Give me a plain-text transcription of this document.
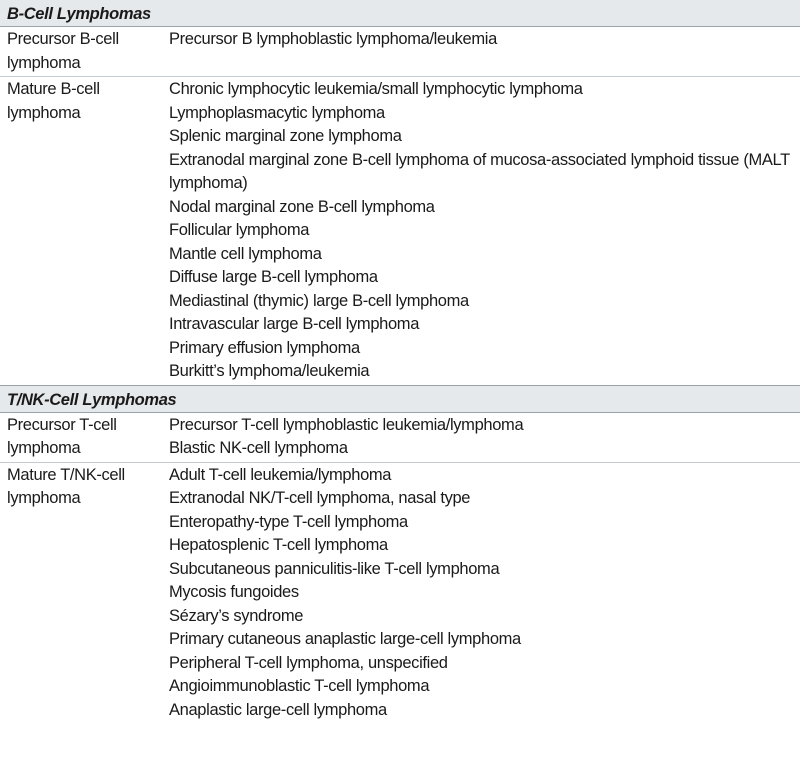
B-Cell Lymphomas
Precursor B-cell lymphoma
Precursor B lymphoblastic lymphoma/leukemia
Mature B-cell lymphoma
Chronic lymphocytic leukemia/small lymphocytic lymphoma
Lymphoplasmacytic lymphoma
Splenic marginal zone lymphoma
Extranodal marginal zone B-cell lymphoma of mucosa-associated lymphoid tissue (MALT lymphoma)
Nodal marginal zone B-cell lymphoma
Follicular lymphoma
Mantle cell lymphoma
Diffuse large B-cell lymphoma
Mediastinal (thymic) large B-cell lymphoma
Intravascular large B-cell lymphoma
Primary effusion lymphoma
Burkitt’s lymphoma/leukemia
T/NK-Cell Lymphomas
Precursor T-cell lymphoma
Precursor T-cell lymphoblastic leukemia/lymphoma
Blastic NK-cell lymphoma
Mature T/NK-cell lymphoma
Adult T-cell leukemia/lymphoma
Extranodal NK/T-cell lymphoma, nasal type
Enteropathy-type T-cell lymphoma
Hepatosplenic T-cell lymphoma
Subcutaneous panniculitis-like T-cell lymphoma
Mycosis fungoides
Sézary’s syndrome
Primary cutaneous anaplastic large-cell lymphoma
Peripheral T-cell lymphoma, unspecified
Angioimmunoblastic T-cell lymphoma
Anaplastic large-cell lymphoma
